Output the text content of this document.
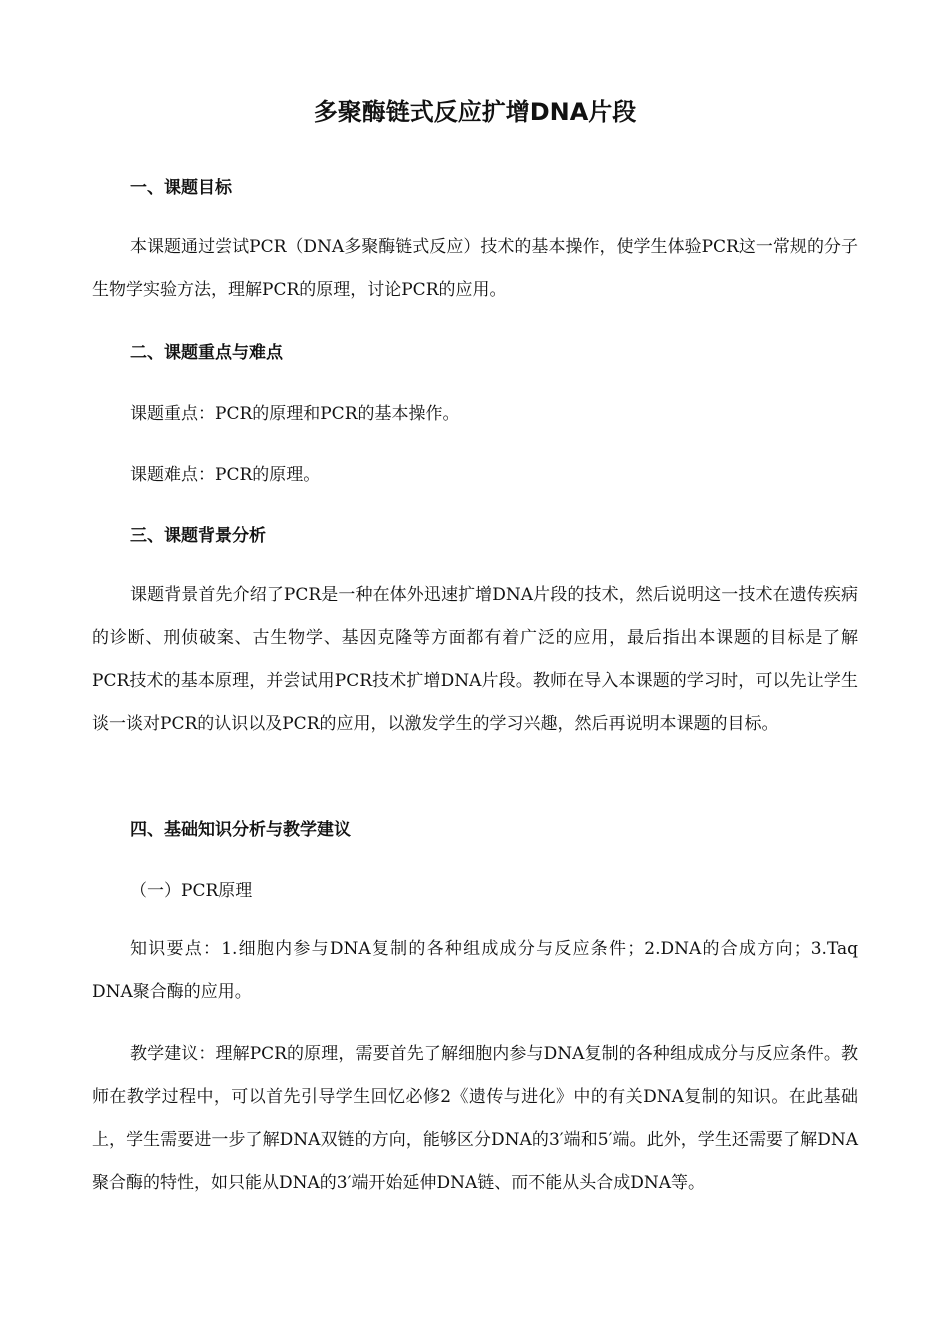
多聚酶链式反应扩增DNA片段
一、课题目标
本课题通过尝试PCR（DNA多聚酶链式反应）技术的基本操作，使学生体验PCR这一常规的分子生物学实验方法，理解PCR的原理，讨论PCR的应用。
二、课题重点与难点
课题重点：PCR的原理和PCR的基本操作。
课题难点：PCR的原理。
三、课题背景分析
课题背景首先介绍了PCR是一种在体外迅速扩增DNA片段的技术，然后说明这一技术在遗传疾病的诊断、刑侦破案、古生物学、基因克隆等方面都有着广泛的应用，最后指出本课题的目标是了解PCR技术的基本原理，并尝试用PCR技术扩增DNA片段。教师在导入本课题的学习时，可以先让学生谈一谈对PCR的认识以及PCR的应用，以激发学生的学习兴趣，然后再说明本课题的目标。
四、基础知识分析与教学建议
（一）PCR原理
知识要点：1.细胞内参与DNA复制的各种组成成分与反应条件；2.DNA的合成方向；3.Taq DNA聚合酶的应用。
教学建议：理解PCR的原理，需要首先了解细胞内参与DNA复制的各种组成成分与反应条件。教师在教学过程中，可以首先引导学生回忆必修2《遗传与进化》中的有关DNA复制的知识。在此基础上，学生需要进一步了解DNA双链的方向，能够区分DNA的3′端和5′端。此外，学生还需要了解DNA聚合酶的特性，如只能从DNA的3′端开始延伸DNA链、而不能从头合成DNA等。
